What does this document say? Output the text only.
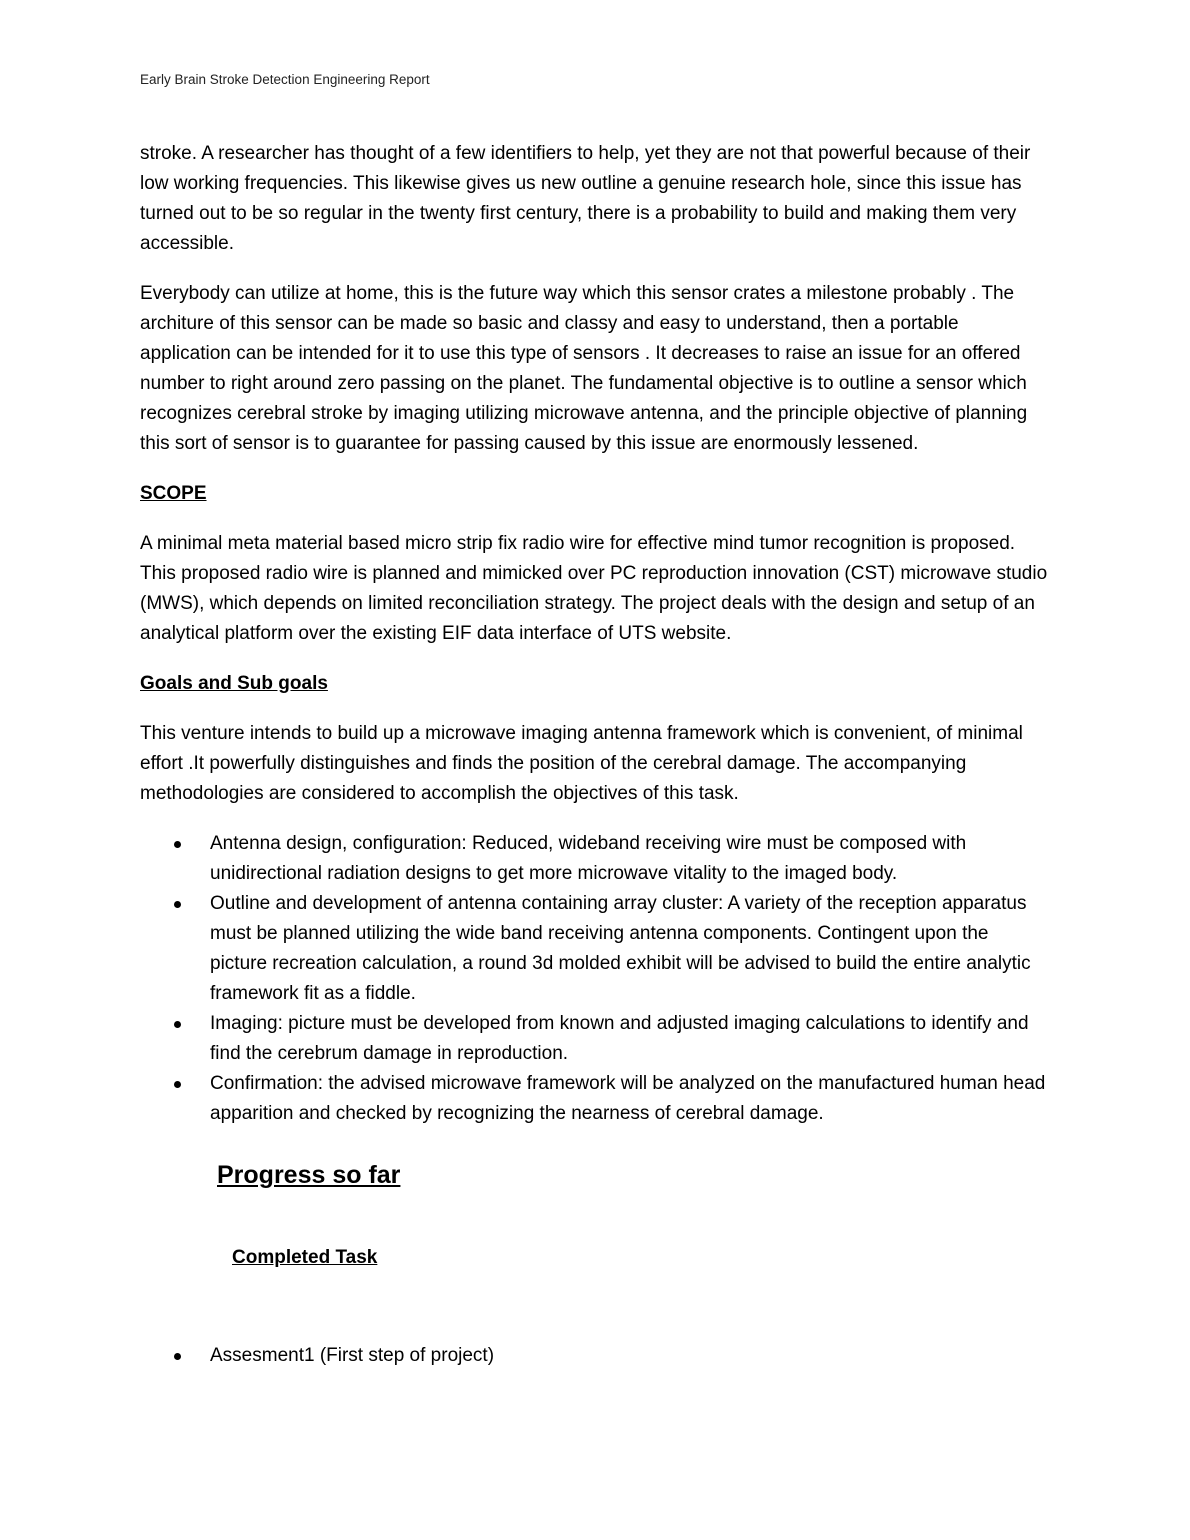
Early Brain Stroke Detection Engineering Report

stroke. A researcher has thought of a few identifiers to help, yet they are not that powerful because of their low working frequencies. This likewise gives us new outline a genuine research hole, since this issue has turned out to be so regular in the twenty first century, there is a probability to build and making them very accessible.

Everybody can utilize at home, this is the future way which this sensor crates a milestone probably . The architure of this sensor can be made so basic and classy and easy to understand, then a portable application can be intended for it to use this type of sensors . It decreases to raise an issue for an offered number to right around zero passing on the planet. The fundamental objective is to outline a sensor which recognizes cerebral stroke by imaging utilizing microwave antenna, and the principle objective of planning this sort of sensor is to guarantee for passing caused by this issue are enormously lessened.

SCOPE

A minimal meta material based micro strip fix radio wire for effective mind tumor recognition is proposed. This proposed radio wire is planned and mimicked over PC reproduction innovation (CST) microwave studio (MWS), which depends on limited reconciliation strategy. The project deals with the design and setup of an analytical platform over the existing EIF data interface of UTS website.

Goals and Sub goals

This venture intends to build up a microwave imaging antenna framework which is convenient, of minimal effort .It powerfully distinguishes and finds the position of the cerebral damage. The accompanying methodologies are considered to accomplish the objectives of this task.

Antenna design, configuration: Reduced, wideband receiving wire must be composed with unidirectional radiation designs to get more microwave vitality to the imaged body.
Outline and development of antenna containing array cluster: A variety of the reception apparatus must be planned utilizing the wide band receiving antenna components. Contingent upon the picture recreation calculation, a round 3d molded exhibit will be advised to build the entire analytic framework fit as a fiddle.
Imaging: picture must be developed from known and adjusted imaging calculations to identify and find the cerebrum damage in reproduction.
Confirmation: the advised microwave framework will be analyzed on the manufactured human head apparition and checked by recognizing the nearness of cerebral damage.
Progress so far
Completed Task
Assesment1 (First step of project)
